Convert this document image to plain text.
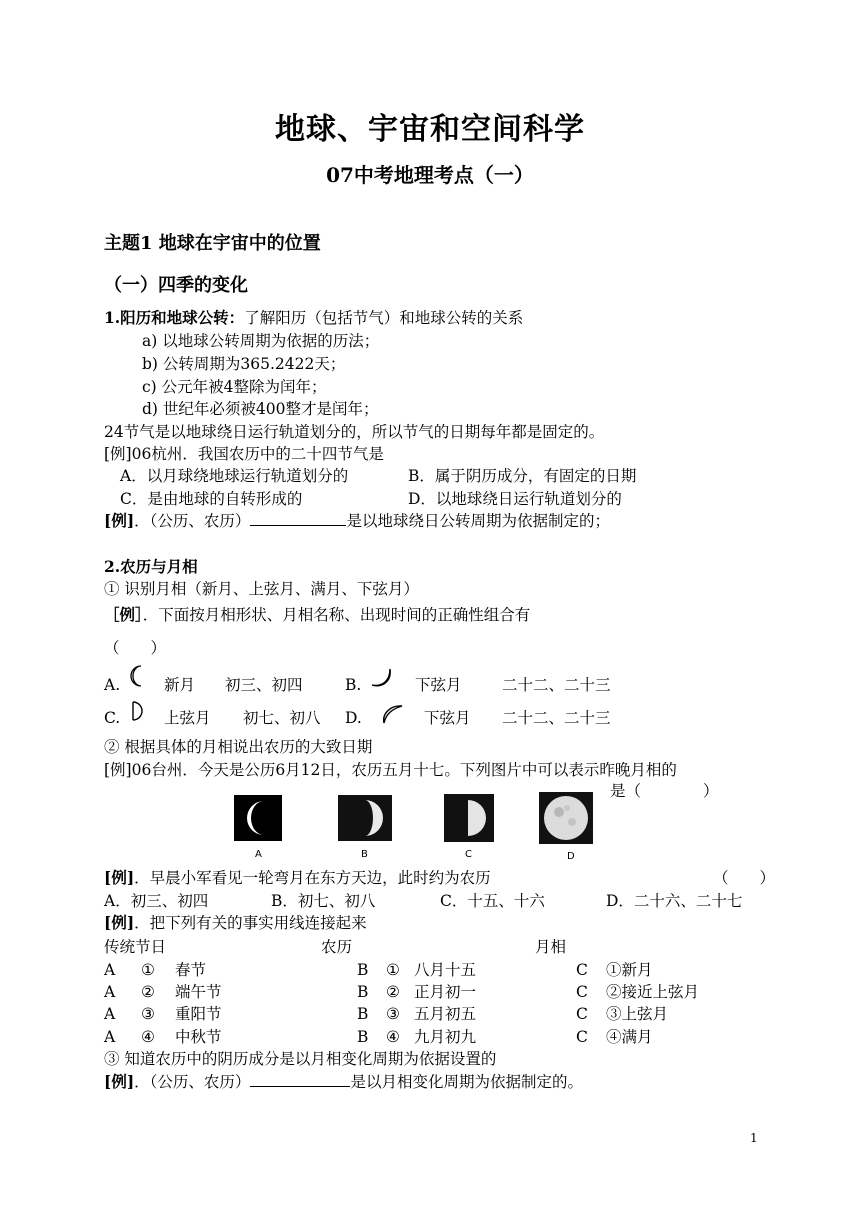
地球、宇宙和空间科学
07中考地理考点（一）
主题1 地球在宇宙中的位置
（一）四季的变化
1.阳历和地球公转：了解阳历（包括节气）和地球公转的关系
a) 以地球公转周期为依据的历法；
b) 公转周期为365.2422天；
c) 公元年被4整除为闰年；
d) 世纪年必须被400整才是闰年；
24节气是以地球绕日运行轨道划分的，所以节气的日期每年都是固定的。
[例]06杭州．我国农历中的二十四节气是
A．以月球绕地球运行轨道划分的	B．属于阴历成分，有固定的日期
C．是由地球的自转形成的	D．以地球绕日运行轨道划分的
[例]．（公历、农历）	是以地球绕日公转周期为依据制定的；
2.农历与月相
① 识别月相（新月、上弦月、满月、下弦月）
［例］．下面按月相形状、月相名称、出现时间的正确性组合有
（　　）
A.	新月 初三、初四	B.	下弦月	二十二、二十三
C.	上弦月 初七、初八 D.	下弦月 二十二、二十三
② 根据具体的月相说出农历的大致日期
[例]06台州．今天是公历6月12日，农历五月十七。下列图片中可以表示昨晚月相的
是（　　　　）
A	B	C	D
[例]．早晨小军看见一轮弯月在东方天边，此时约为农历	（　　）
A．初三、初四	B．初七、初八	C．十五、十六	D．二十六、二十七
[例]．把下列有关的事实用线连接起来
传统节日	农历	月相
A ① 春节	B ① 八月十五	C ①新月
A ② 端午节	B ② 正月初一	C ②接近上弦月
A ③ 重阳节	B ③ 五月初五	C ③上弦月
A ④ 中秋节	B ④ 九月初九	C ④满月
③ 知道农历中的阴历成分是以月相变化周期为依据设置的
[例]．（公历、农历）	是以月相变化周期为依据制定的。
1
